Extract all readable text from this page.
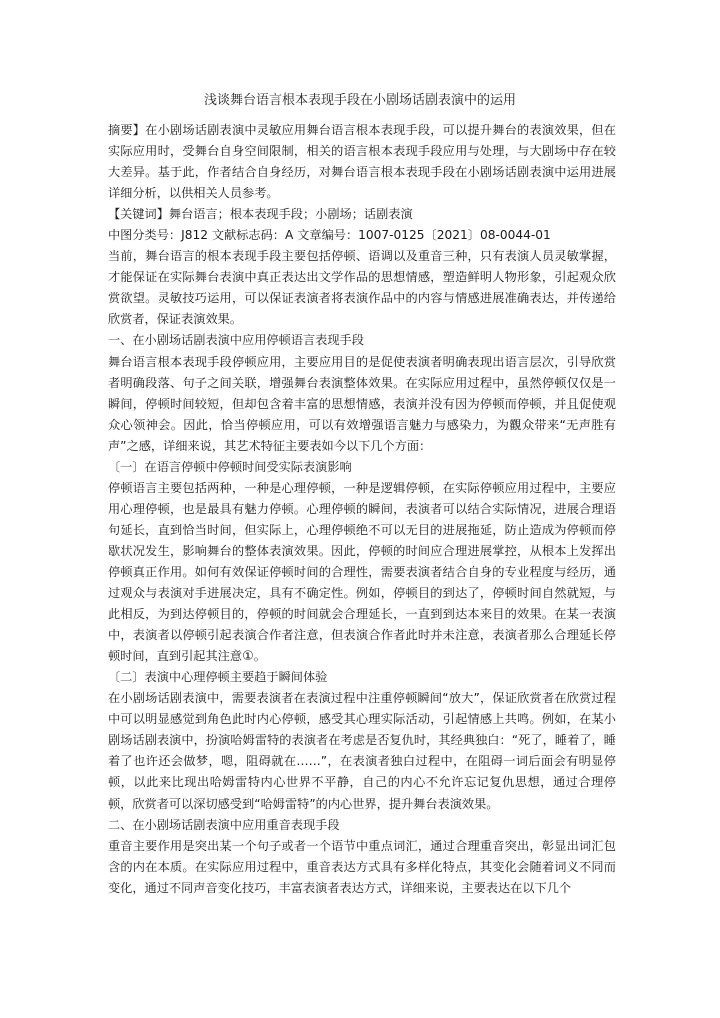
浅谈舞台语言根本表现手段在小剧场话剧表演中的运用

摘要】在小剧场话剧表演中灵敏应用舞台语言根本表现手段，可以提升舞台的表演效果，但在实际应用时，受舞台自身空间限制，相关的语言根本表现手段应用与处理，与大剧场中存在较大差异。基于此，作者结合自身经历，对舞台语言根本表现手段在小剧场话剧表演中运用进展详细分析，以供相关人员参考。

【关键词】舞台语言；根本表现手段；小剧场；话剧表演

中图分类号：J812 文献标志码：A 文章编号：1007-0125〔2021〕08-0044-01

当前，舞台语言的根本表现手段主要包括停顿、语调以及重音三种，只有表演人员灵敏掌握，才能保证在实际舞台表演中真正表达出文学作品的思想情感，塑造鲜明人物形象，引起观众欣赏欲望。灵敏技巧运用，可以保证表演者将表演作品中的内容与情感进展准确表达，并传递给欣赏者，保证表演效果。

一、在小剧场话剧表演中应用停顿语言表现手段

舞台语言根本表现手段停顿应用，主要应用目的是促使表演者明确表现出语言层次，引导欣赏者明确段落、句子之间关联，增强舞台表演整体效果。在实际应用过程中，虽然停顿仅仅是一瞬间，停顿时间较短，但却包含着丰富的思想情感，表演并没有因为停顿而停顿，并且促使观众心领神会。因此，恰当停顿应用，可以有效增强语言魅力与感染力，为觀众带来“无声胜有声”之感，详细来说，其艺术特征主要表如今以下几个方面：

〔一〕在语言停顿中停顿时间受实际表演影响

停顿语言主要包括两种，一种是心理停顿，一种是逻辑停顿，在实际停顿应用过程中，主要应用心理停顿，也是最具有魅力停顿。心理停顿的瞬间，表演者可以结合实际情况，进展合理语句延长，直到恰当时间，但实际上，心理停顿绝不可以无目的进展拖延，防止造成为停顿而停歇状况发生，影响舞台的整体表演效果。因此，停顿的时间应合理进展掌控，从根本上发挥出停顿真正作用。如何有效保证停顿时间的合理性，需要表演者结合自身的专业程度与经历，通过观众与表演对手进展决定，具有不确定性。例如，停顿目的到达了，停顿时间自然就短，与此相反，为到达停顿目的，停顿的时间就会合理延长，一直到到达本来目的效果。在某一表演中，表演者以停顿引起表演合作者注意，但表演合作者此时并未注意，表演者那么合理延长停顿时间，直到引起其注意①。

〔二〕表演中心理停顿主要趋于瞬间体验

在小剧场话剧表演中，需要表演者在表演过程中注重停顿瞬间“放大”，保证欣赏者在欣赏过程中可以明显感觉到角色此时内心停顿，感受其心理实际活动，引起情感上共鸣。例如，在某小剧场话剧表演中，扮演哈姆雷特的表演者在考虑是否复仇时，其经典独白：“死了，睡着了，睡着了也许还会做梦，嗯，阻碍就在……”，在表演者独白过程中，在阻碍一词后面会有明显停顿，以此来比现出哈姆雷特内心世界不平静，自己的内心不允许忘记复仇思想，通过合理停顿，欣赏者可以深切感受到“哈姆雷特”的内心世界，提升舞台表演效果。

二、在小剧场话剧表演中应用重音表现手段

重音主要作用是突出某一个句子或者一个语节中重点词汇，通过合理重音突出，彰显出词汇包含的内在本质。在实际应用过程中，重音表达方式具有多样化特点，其变化会随着词义不同而变化，通过不同声音变化技巧，丰富表演者表达方式，详细来说，主要表达在以下几个
